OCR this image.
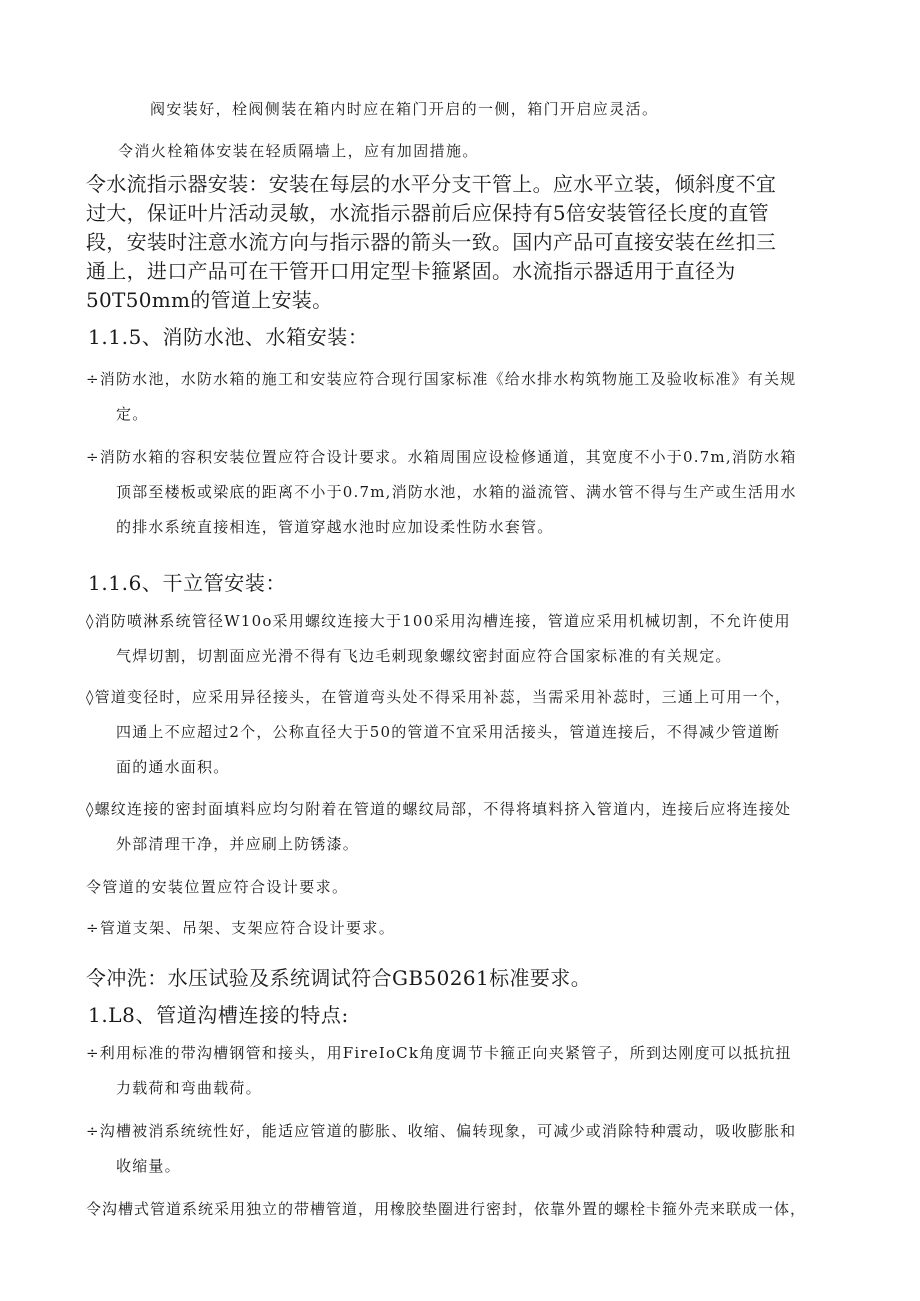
阀安装好，栓阀侧装在箱内时应在箱门开启的一侧，箱门开启应灵活。

令消火栓箱体安装在轻质隔墙上，应有加固措施。

令水流指示器安装：安装在每层的水平分支干管上。应水平立装，倾斜度不宜
过大，保证叶片活动灵敏，水流指示器前后应保持有5倍安装管径长度的直管
段，安装时注意水流方向与指示器的箭头一致。国内产品可直接安装在丝扣三
通上，进口产品可在干管开口用定型卡箍紧固。水流指示器适用于直径为
50T50mm的管道上安装。

1.1.5、消防水池、水箱安装：

÷消防水池，水防水箱的施工和安装应符合现行国家标准《给水排水构筑物施工及验收标准》有关规
定。
÷消防水箱的容积安装位置应符合设计要求。水箱周围应设检修通道，其宽度不小于0.7m,消防水箱
顶部至楼板或梁底的距离不小于0.7m,消防水池，水箱的溢流管、满水管不得与生产或生活用水
的排水系统直接相连，管道穿越水池时应加设柔性防水套管。

1.1.6、干立管安装：

◊消防喷淋系统管径W10o采用螺纹连接大于100采用沟槽连接，管道应采用机械切割，不允许使用
气焊切割，切割面应光滑不得有飞边毛刺现象螺纹密封面应符合国家标准的有关规定。
◊管道变径时，应采用异径接头，在管道弯头处不得采用补蕊，当需采用补蕊时，三通上可用一个，
四通上不应超过2个，公称直径大于50的管道不宜采用活接头，管道连接后，不得减少管道断
面的通水面积。
◊螺纹连接的密封面填料应均匀附着在管道的螺纹局部，不得将填料挤入管道内，连接后应将连接处
外部清理干净，并应刷上防锈漆。

令管道的安装位置应符合设计要求。

÷管道支架、吊架、支架应符合设计要求。

令冲洗：水压试验及系统调试符合GB50261标准要求。

1.L8、管道沟槽连接的特点:

÷利用标准的带沟槽钢管和接头，用FireIoCk角度调节卡箍正向夹紧管子，所到达刚度可以抵抗扭
力载荷和弯曲载荷。
÷沟槽被消系统统性好，能适应管道的膨胀、收缩、偏转现象，可减少或消除特种震动，吸收膨胀和
收缩量。

令沟槽式管道系统采用独立的带槽管道，用橡胶垫圈进行密封，依靠外置的螺栓卡箍外壳来联成一体，
